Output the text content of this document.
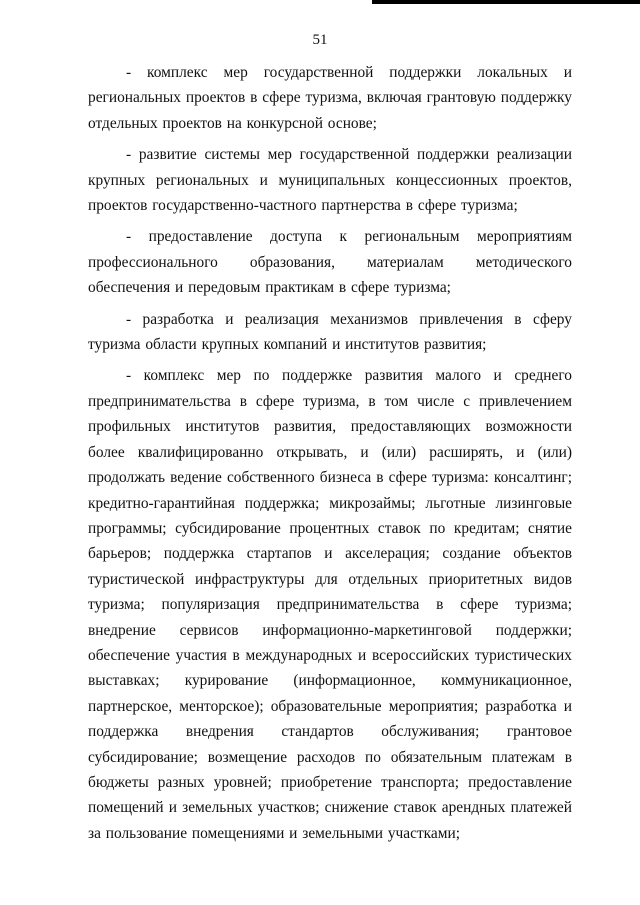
51

- комплекс мер государственной поддержки локальных и региональных проектов в сфере туризма, включая грантовую поддержку отдельных проектов на конкурсной основе;

- развитие системы мер государственной поддержки реализации крупных региональных и муниципальных концессионных проектов, проектов государственно-частного партнерства в сфере туризма;

- предоставление доступа к региональным мероприятиям профессионального образования, материалам методического обеспечения и передовым практикам в сфере туризма;

- разработка и реализация механизмов привлечения в сферу туризма области крупных компаний и институтов развития;

- комплекс мер по поддержке развития малого и среднего предпринимательства в сфере туризма, в том числе с привлечением профильных институтов развития, предоставляющих возможности более квалифицированно открывать, и (или) расширять, и (или) продолжать ведение собственного бизнеса в сфере туризма: консалтинг; кредитно-гарантийная поддержка; микрозаймы; льготные лизинговые программы; субсидирование процентных ставок по кредитам; снятие барьеров; поддержка стартапов и акселерация; создание объектов туристической инфраструктуры для отдельных приоритетных видов туризма; популяризация предпринимательства в сфере туризма; внедрение сервисов информационно-маркетинговой поддержки; обеспечение участия в международных и всероссийских туристических выставках; курирование (информационное, коммуникационное, партнерское, менторское); образовательные мероприятия; разработка и поддержка внедрения стандартов обслуживания; грантовое субсидирование; возмещение расходов по обязательным платежам в бюджеты разных уровней; приобретение транспорта; предоставление помещений и земельных участков; снижение ставок арендных платежей за пользование помещениями и земельными участками;
